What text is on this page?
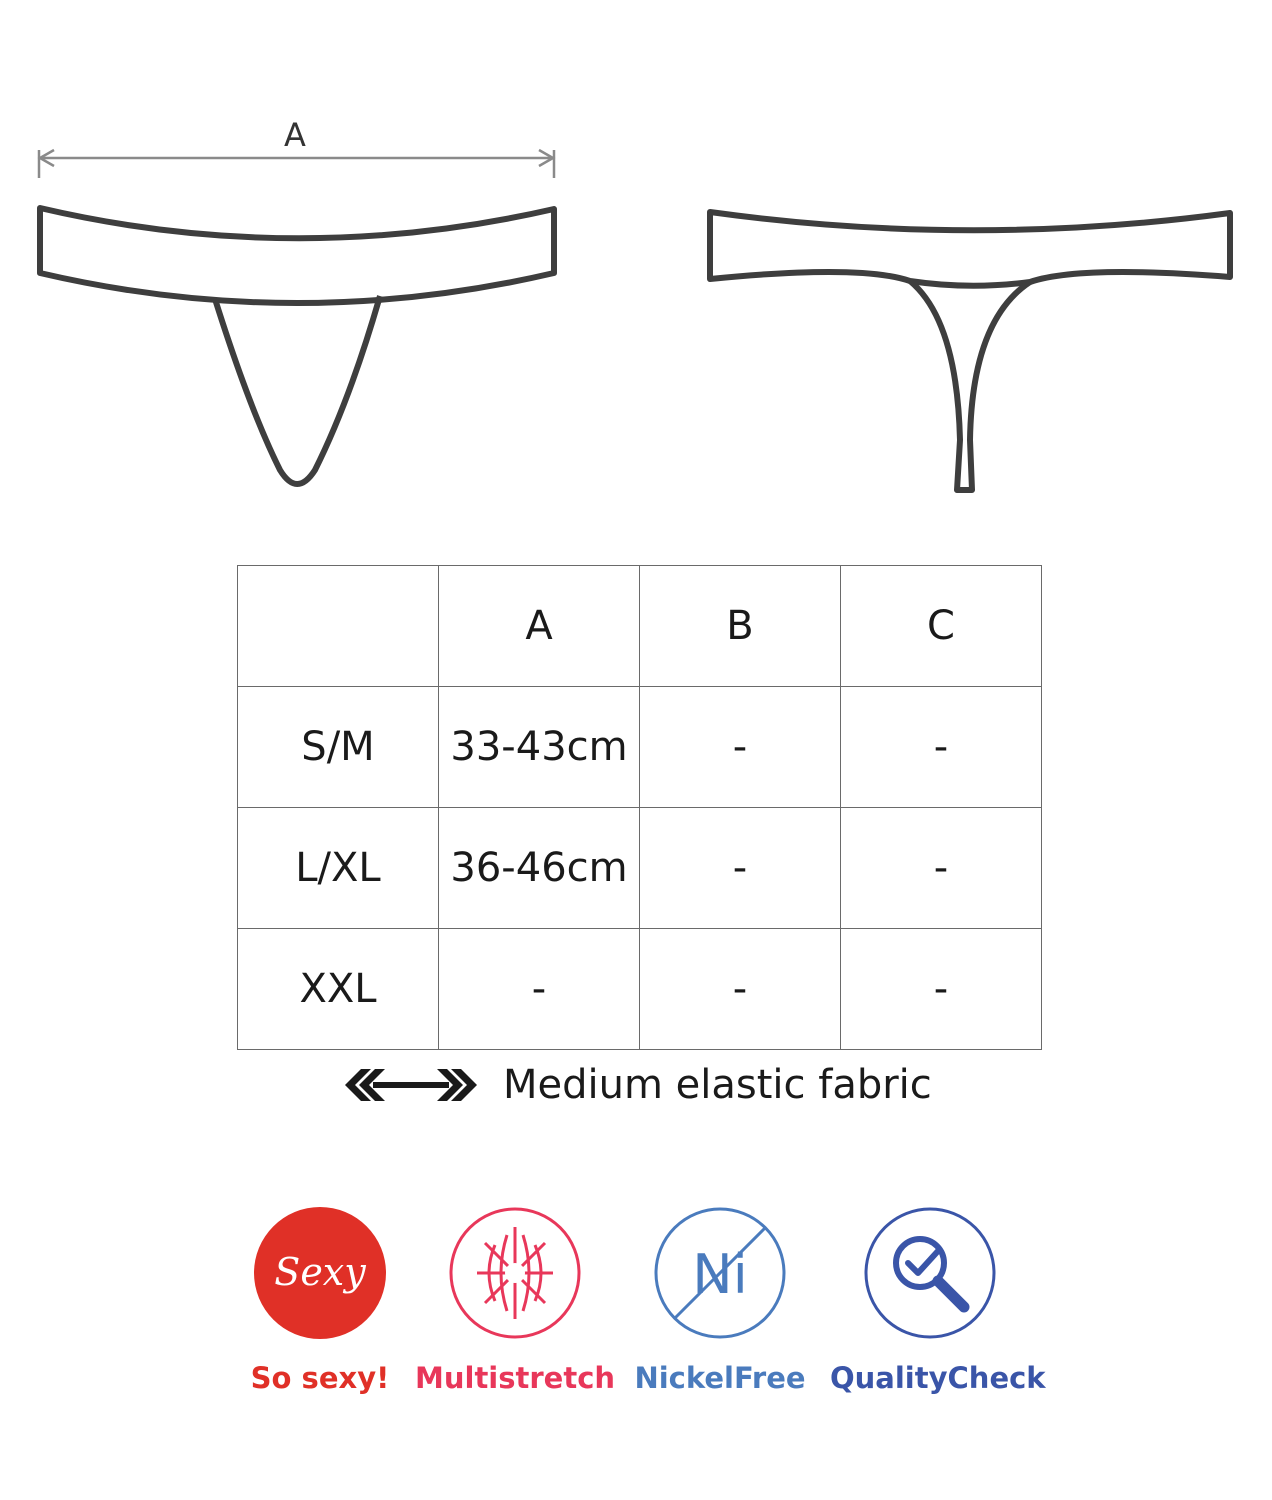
A
	A	B	C
S/M	33-43cm	-	-
L/XL	36-46cm	-	-
XXL	-	-	-
Medium elastic fabric
Sexy
So sexy! Multistretch
Ni
NickelFree QualityCheck
